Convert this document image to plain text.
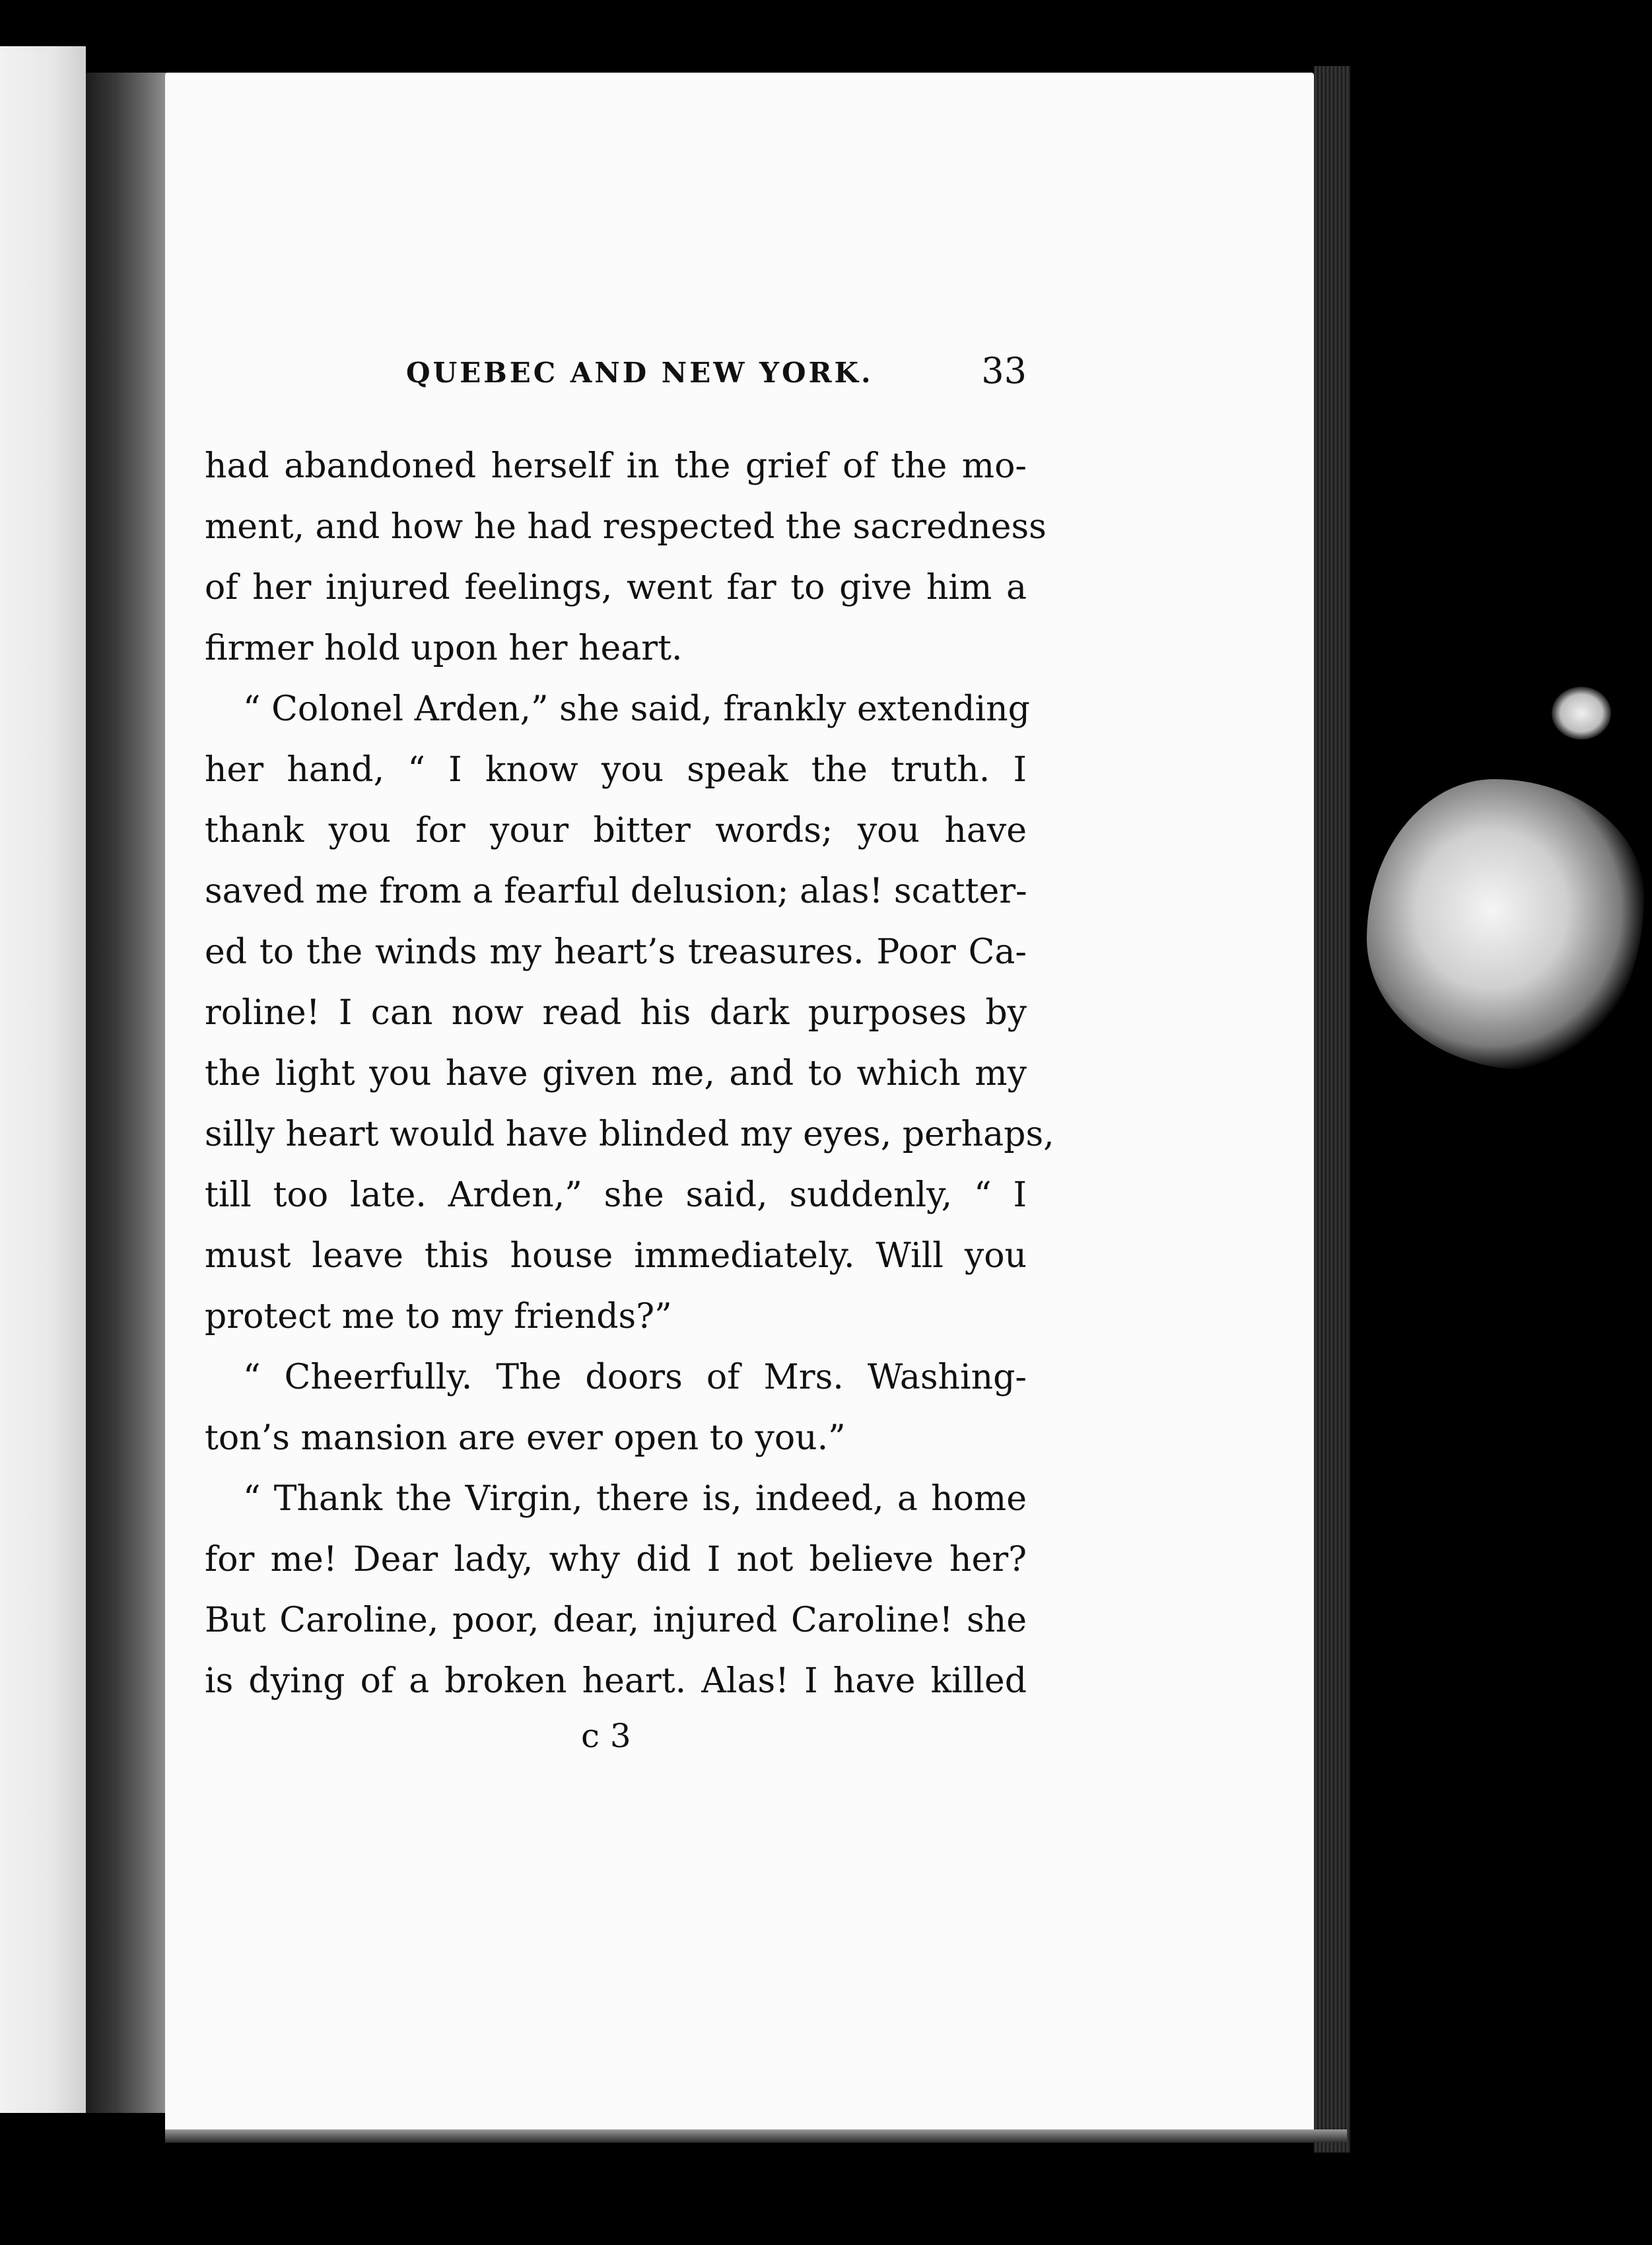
QUEBEC AND NEW YORK.	33
had abandoned herself in the grief of the mo-
ment, and how he had respected the sacredness
of her injured feelings, went far to give him a
firmer hold upon her heart.
“ Colonel Arden,” she said, frankly extending
her hand, “ I know you speak the truth. I
thank you for your bitter words; you have
saved me from a fearful delusion; alas! scatter-
ed to the winds my heart’s treasures. Poor Ca-
roline! I can now read his dark purposes by
the light you have given me, and to which my
silly heart would have blinded my eyes, perhaps,
till too late. Arden,” she said, suddenly, “ I
must leave this house immediately. Will you
protect me to my friends?”
“ Cheerfully. The doors of Mrs. Washing-
ton’s mansion are ever open to you.”
“ Thank the Virgin, there is, indeed, a home
for me! Dear lady, why did I not believe her?
But Caroline, poor, dear, injured Caroline! she
is dying of a broken heart. Alas! I have killed
c 3
